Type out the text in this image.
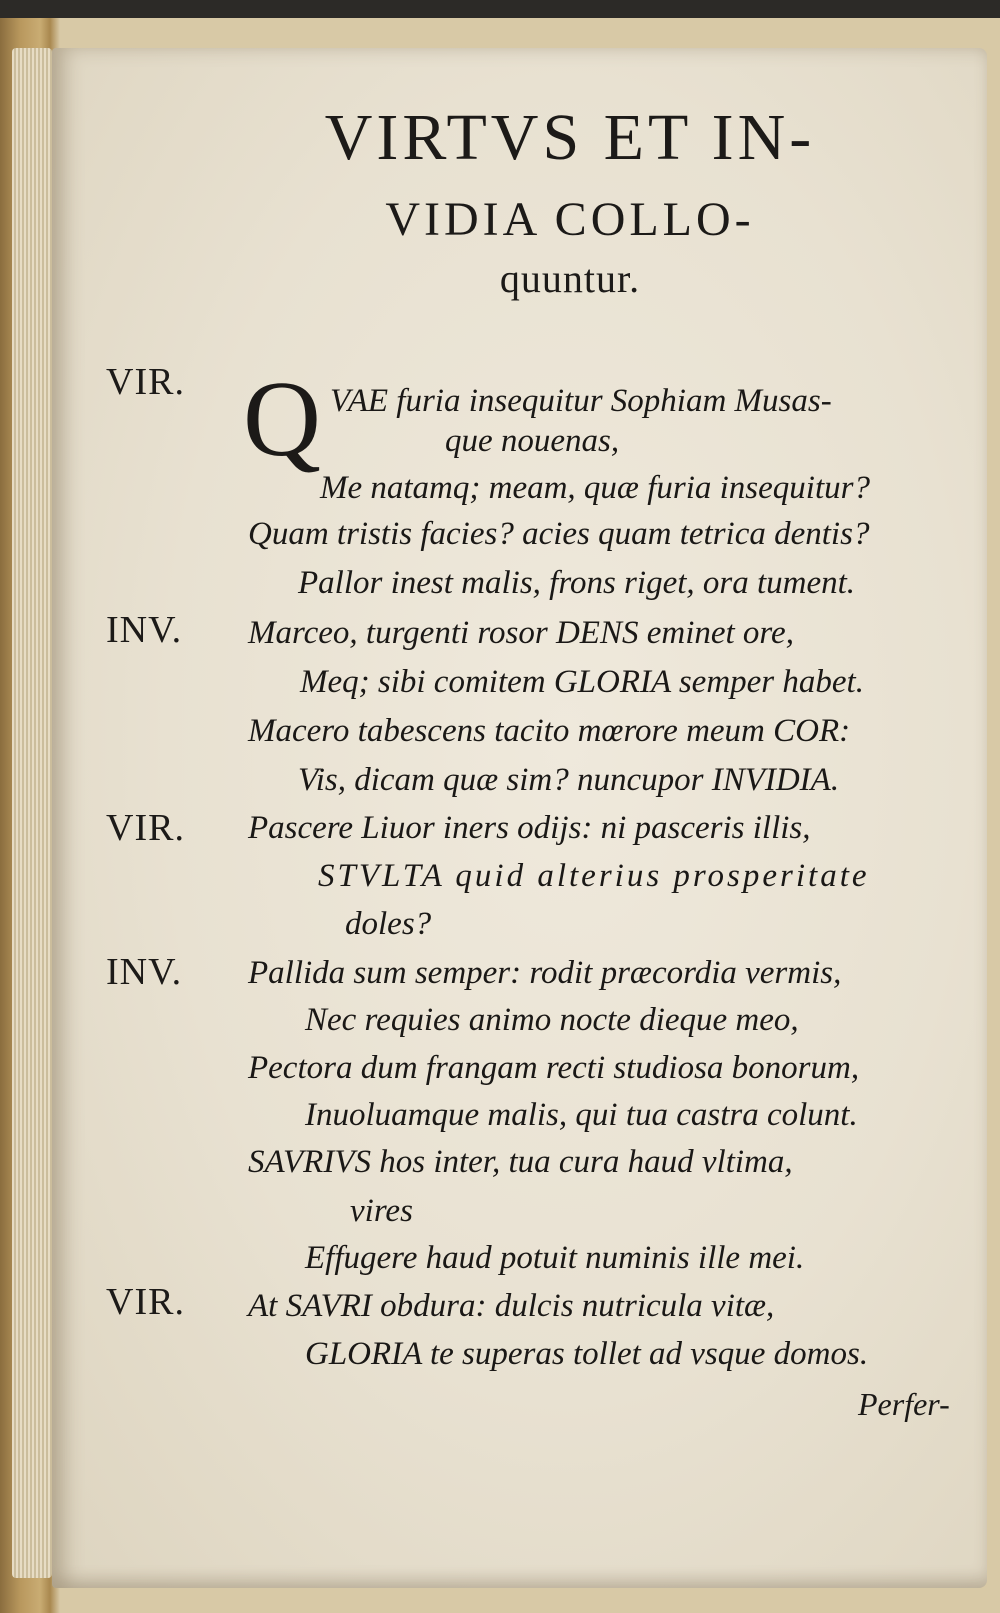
VIRTVS ET IN-
VIDIA COLLO-
quuntur.
VIR.
INV.
VIR.
INV.
VIR.
Q VAE furia insequitur Sophiam Musas-
que nouenas,
Me natamq; meam, quæ furia insequitur?
Quam tristis facies? acies quam tetrica dentis?
Pallor inest malis, frons riget, ora tument.
Marceo, turgenti rosor DENS eminet ore,
Meq; sibi comitem GLORIA semper habet.
Macero tabescens tacito mœrore meum COR:
Vis, dicam quæ sim? nuncupor INVIDIA.
Pascere Liuor iners odijs: ni pasceris illis,
STVLTA quid alterius prosperitate
doles?
Pallida sum semper: rodit præcordia vermis,
Nec requies animo nocte dieque meo,
Pectora dum frangam recti studiosa bonorum,
Inuoluamque malis, qui tua castra colunt.
SAVRIVS hos inter, tua cura haud vltima,
vires
Effugere haud potuit numinis ille mei.
At SAVRI obdura: dulcis nutricula vitæ,
GLORIA te superas tollet ad vsque domos.
Perfer-
